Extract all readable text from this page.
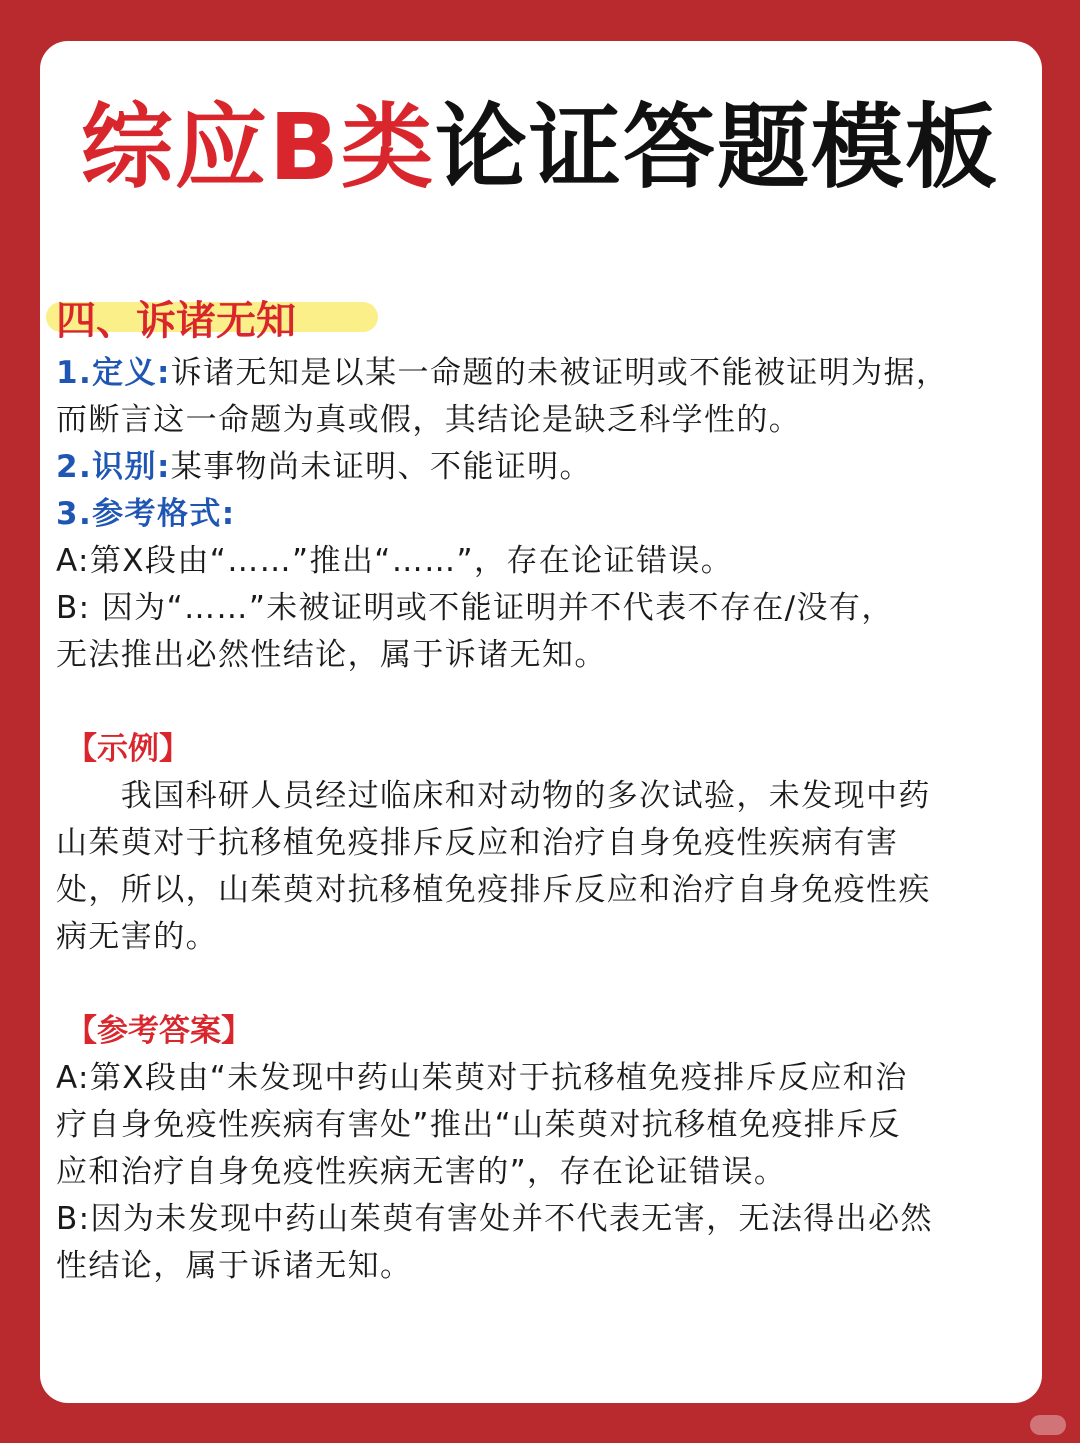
综应B类论证答题模板
四、诉诸无知
1.定义:诉诸无知是以某一命题的未被证明或不能被证明为据，
而断言这一命题为真或假，其结论是缺乏科学性的。
2.识别:某事物尚未证明、不能证明。
3.参考格式:
A:第X段由“……”推出“……”，存在论证错误。
B: 因为“……”未被证明或不能证明并不代表不存在/没有，
无法推出必然性结论，属于诉诸无知。
【示例】
　　我国科研人员经过临床和对动物的多次试验，未发现中药
山茱萸对于抗移植免疫排斥反应和治疗自身免疫性疾病有害
处，所以，山茱萸对抗移植免疫排斥反应和治疗自身免疫性疾
病无害的。
【参考答案】
A:第X段由“未发现中药山茱萸对于抗移植免疫排斥反应和治
疗自身免疫性疾病有害处”推出“山茱萸对抗移植免疫排斥反
应和治疗自身免疫性疾病无害的”，存在论证错误。
B:因为未发现中药山茱萸有害处并不代表无害，无法得出必然
性结论，属于诉诸无知。
